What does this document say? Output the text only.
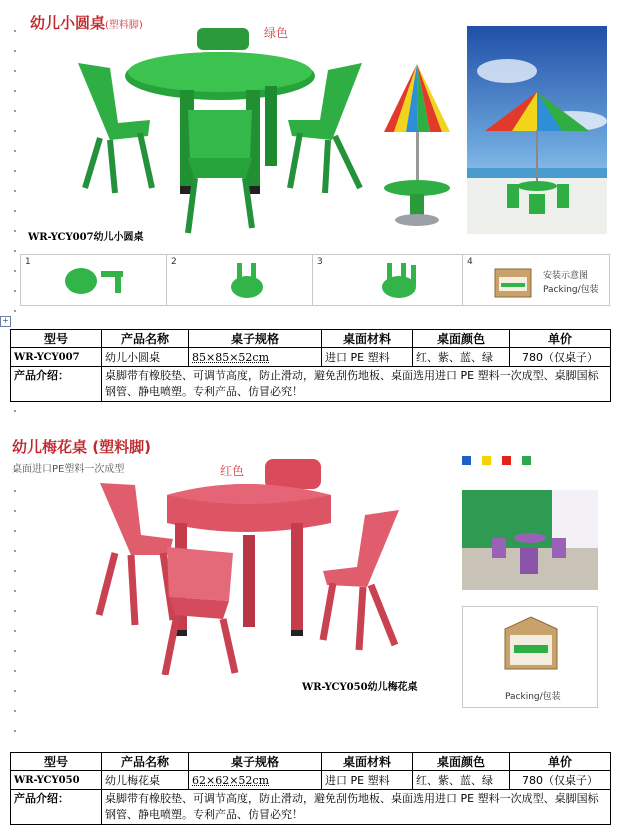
幼儿小圆桌(塑料脚)
绿色
WR-YCY007幼儿小圆桌
1	2	3	4
安装示意图
Packing/包装
+
型号	产品名称	桌子规格	桌面材料	桌面颜色	单价
WR-YCY007	幼儿小圆桌	85×85×52cm	进口 PE 塑料	红、紫、蓝、绿	780（仅桌子）
产品介绍：	桌脚带有橡胶垫、可调节高度，防止滑动，避免刮伤地板、桌面选用进口 PE 塑料一次成型、桌脚国标钢管、静电喷塑。专利产品、仿冒必究！				
幼儿梅花桌 (塑料脚)
桌面进口PE塑料一次成型	红色
WR-YCY050幼儿梅花桌
Packing/包装
型号	产品名称	桌子规格	桌面材料	桌面颜色	单价
WR-YCY050	幼儿梅花桌	62×62×52cm	进口 PE 塑料	红、紫、蓝、绿	780（仅桌子）
产品介绍：	桌脚带有橡胶垫、可调节高度，防止滑动，避免刮伤地板、桌面选用进口 PE 塑料一次成型、桌脚国标钢管、静电喷塑。专利产品、仿冒必究！				
